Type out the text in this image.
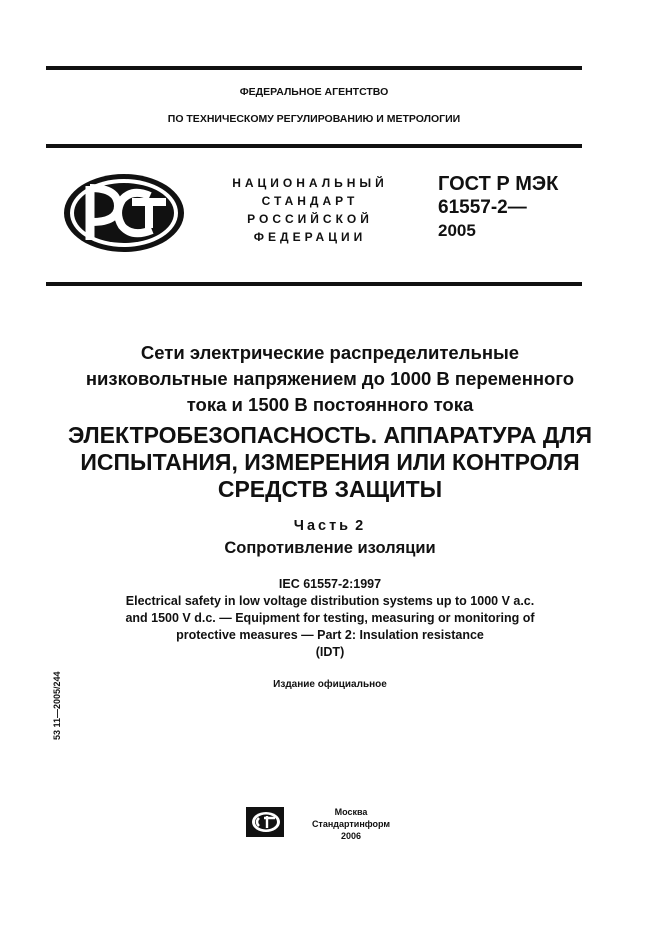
ФЕДЕРАЛЬНОЕ АГЕНТСТВО
ПО ТЕХНИЧЕСКОМУ РЕГУЛИРОВАНИЮ И МЕТРОЛОГИИ
НАЦИОНАЛЬНЫЙ
СТАНДАРТ
РОССИЙСКОЙ
ФЕДЕРАЦИИ
ГОСТ Р МЭК
61557-2—
2005
Сети электрические распределительные
низковольтные напряжением до 1000 В переменного
тока и 1500 В постоянного тока
ЭЛЕКТРОБЕЗОПАСНОСТЬ. АППАРАТУРА ДЛЯ
ИСПЫТАНИЯ, ИЗМЕРЕНИЯ ИЛИ КОНТРОЛЯ
СРЕДСТВ ЗАЩИТЫ
Часть 2
Сопротивление изоляции
IEC 61557-2:1997
Electrical safety in low voltage distribution systems up to 1000 V a.c.
and 1500 V d.c. — Equipment for testing, measuring or monitoring of
protective measures — Part 2: Insulation resistance
(IDT)
Издание официальное
53 11—2005/244
Москва
Стандартинформ
2006
